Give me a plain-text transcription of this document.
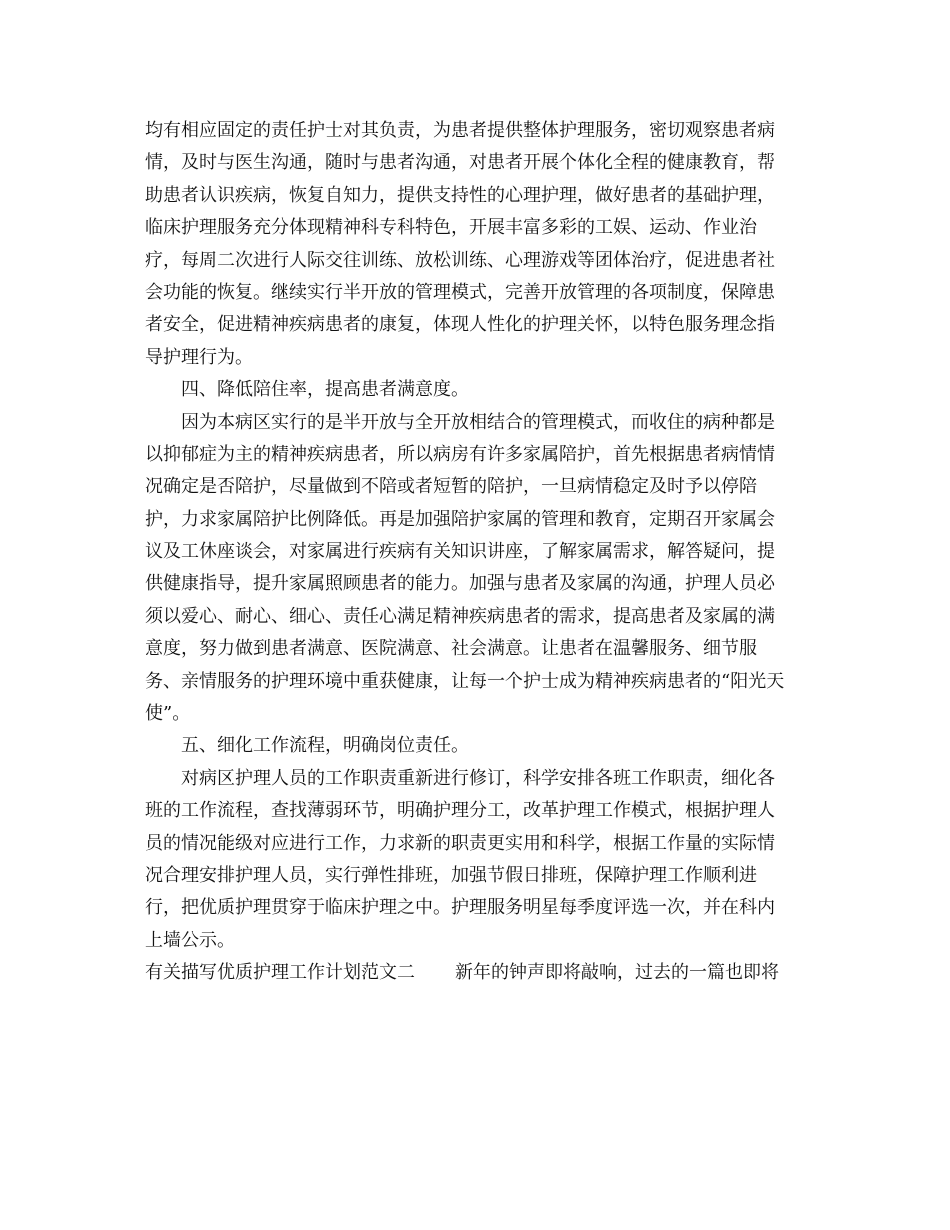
均有相应固定的责任护士对其负责，为患者提供整体护理服务，密切观察患者病
情，及时与医生沟通，随时与患者沟通，对患者开展个体化全程的健康教育，帮
助患者认识疾病，恢复自知力，提供支持性的心理护理，做好患者的基础护理，
临床护理服务充分体现精神科专科特色，开展丰富多彩的工娱、运动、作业治
疗，每周二次进行人际交往训练、放松训练、心理游戏等团体治疗，促进患者社
会功能的恢复。继续实行半开放的管理模式，完善开放管理的各项制度，保障患
者安全，促进精神疾病患者的康复，体现人性化的护理关怀，以特色服务理念指
导护理行为。
四、降低陪住率，提高患者满意度。
因为本病区实行的是半开放与全开放相结合的管理模式，而收住的病种都是
以抑郁症为主的精神疾病患者，所以病房有许多家属陪护，首先根据患者病情情
况确定是否陪护，尽量做到不陪或者短暂的陪护，一旦病情稳定及时予以停陪
护，力求家属陪护比例降低。再是加强陪护家属的管理和教育，定期召开家属会
议及工休座谈会，对家属进行疾病有关知识讲座，了解家属需求，解答疑问，提
供健康指导，提升家属照顾患者的能力。加强与患者及家属的沟通，护理人员必
须以爱心、耐心、细心、责任心满足精神疾病患者的需求，提高患者及家属的满
意度，努力做到患者满意、医院满意、社会满意。让患者在温馨服务、细节服
务、亲情服务的护理环境中重获健康，让每一个护士成为精神疾病患者的“阳光天
使”。
五、细化工作流程，明确岗位责任。
对病区护理人员的工作职责重新进行修订，科学安排各班工作职责，细化各
班的工作流程，查找薄弱环节，明确护理分工，改革护理工作模式，根据护理人
员的情况能级对应进行工作，力求新的职责更实用和科学，根据工作量的实际情
况合理安排护理人员，实行弹性排班，加强节假日排班，保障护理工作顺利进
行，把优质护理贯穿于临床护理之中。护理服务明星每季度评选一次，并在科内
上墙公示。
有关描写优质护理工作计划范文二 新年的钟声即将敲响，过去的一篇也即将
